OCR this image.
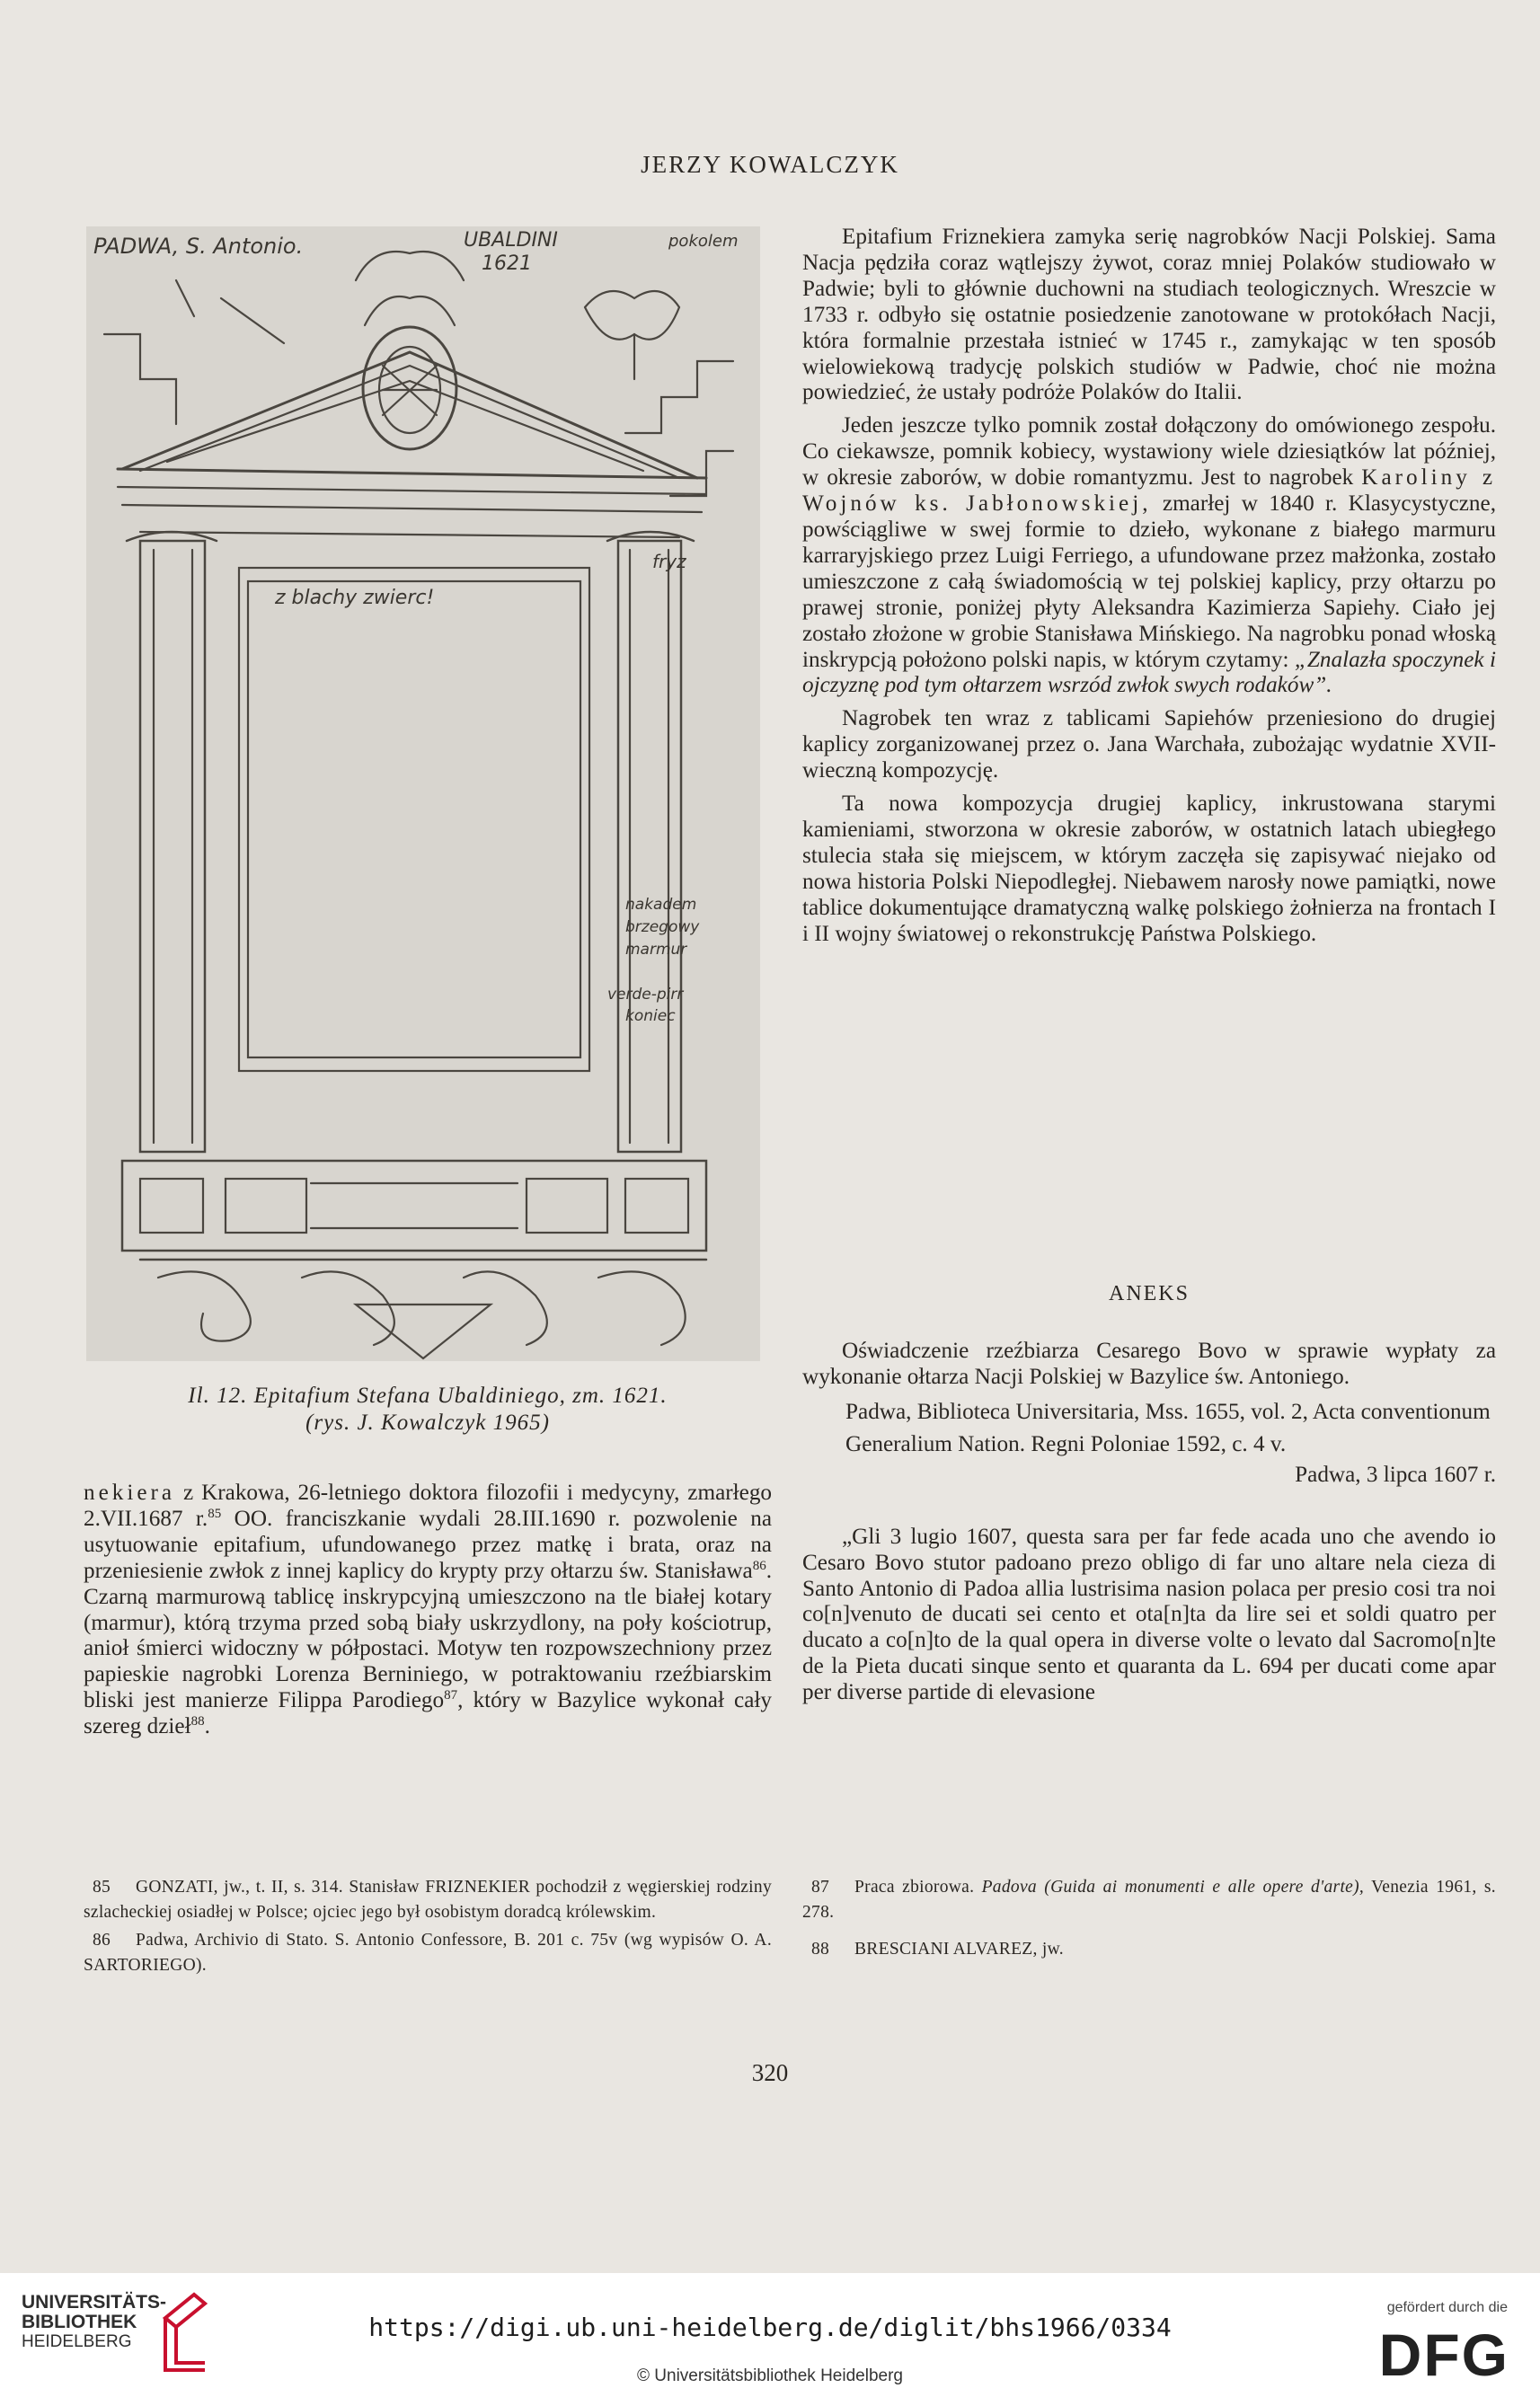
JERZY KOWALCZYK
PADWA, S. Antonio.	UBALDINI
1621
pokolem
z blachy zwierc!
fryz
nakadem
brzegowy
marmur
verde-pirr
koniec
Il. 12. Epitafium Stefana Ubaldiniego, zm. 1621.
(rys. J. Kowalczyk 1965)

Epitafium Friznekiera zamyka serię nagrobków Nacji Polskiej. Sama Nacja pędziła coraz wątlejszy żywot, coraz mniej Polaków studiowało w Padwie; byli to głównie duchowni na studiach teologicznych. Wreszcie w 1733 r. odbyło się ostatnie posiedzenie zanotowane w protokółach Nacji, która formalnie przestała istnieć w 1745 r., zamykając w ten sposób wielowiekową tradycję polskich studiów w Padwie, choć nie można powiedzieć, że ustały podróże Polaków do Italii.

Jeden jeszcze tylko pomnik został dołączony do omówionego zespołu. Co ciekawsze, pomnik kobiecy, wystawiony wiele dziesiątków lat później, w okresie zaborów, w dobie romantyzmu. Jest to nagrobek Karoliny z Wojnów ks. Jabłonowskiej, zmarłej w 1840 r. Klasycystyczne, powściągliwe w swej formie to dzieło, wykonane z białego marmuru karraryjskiego przez Luigi Ferriego, a ufundowane przez małżonka, zostało umieszczone z całą świadomością w tej polskiej kaplicy, przy ołtarzu po prawej stronie, poniżej płyty Aleksandra Kazimierza Sapiehy. Ciało jej zostało złożone w grobie Stanisława Mińskiego. Na nagrobku ponad włoską inskrypcją położono polski napis, w którym czytamy: „Znalazła spoczynek i ojczyznę pod tym ołtarzem wsrzód zwłok swych rodaków”.

Nagrobek ten wraz z tablicami Sapiehów przeniesiono do drugiej kaplicy zorganizowanej przez o. Jana Warchała, zubożając wydatnie XVII-wieczną kompozycję.

Ta nowa kompozycja drugiej kaplicy, inkrustowana starymi kamieniami, stworzona w okresie zaborów, w ostatnich latach ubiegłego stulecia stała się miejscem, w którym zaczęła się zapisywać niejako od nowa historia Polski Niepodległej. Niebawem narosły nowe pamiątki, nowe tablice dokumentujące dramatyczną walkę polskiego żołnierza na frontach I i II wojny światowej o rekonstrukcję Państwa Polskiego.

ANEKS

Oświadczenie rzeźbiarza Cesarego Bovo w sprawie wypłaty za wykonanie ołtarza Nacji Polskiej w Bazylice św. Antoniego.

Padwa, Biblioteca Universitaria, Mss. 1655, vol. 2, Acta conventionum Generalium Nation. Regni Poloniae 1592, c. 4 v.

Padwa, 3 lipca 1607 r.

„Gli 3 lugio 1607, questa sara per far fede acada uno che avendo io Cesaro Bovo stutor padoano prezo obligo di far uno altare nela cieza di Santo Antonio di Padoa allia lustrisima nasion polaca per presio cosi tra noi co[n]venuto de ducati sei cento et ota[n]ta da lire sei et soldi quatro per ducato a co[n]to de la qual opera in diverse volte o levato dal Sacromo[n]te de la Pieta ducati sinque sento et quaranta da L. 694 per ducati come apar per diverse partide di elevasione

nekiera z Krakowa, 26-letniego doktora filozofii i medycyny, zmarłego 2.VII.1687 r.$^{85}$ OO. franciszkanie wydali 28.III.1690 r. pozwolenie na usytuowanie epitafium, ufundowanego przez matkę i brata, oraz na przeniesienie zwłok z innej kaplicy do krypty przy ołtarzu św. Stanisława$^{86}$. Czarną marmurową tablicę inskrypcyjną umieszczono na tle białej kotary (marmur), którą trzyma przed sobą biały uskrzydlony, na poły kościotrup, anioł śmierci widoczny w półpostaci. Motyw ten rozpowszechniony przez papieskie nagrobki Lorenza Berniniego, w potraktowaniu rzeźbiarskim bliski jest manierze Filippa Parodiego$^{87}$, który w Bazylice wykonał cały szereg dzieł$^{88}$.

85 GONZATI, jw., t. II, s. 314. Stanisław FRIZNEKIER pochodził z węgierskiej rodziny szlacheckiej osiadłej w Polsce; ojciec jego był osobistym doradcą królewskim.

86 Padwa, Archivio di Stato. S. Antonio Confessore, B. 201 c. 75v (wg wypisów O. A. SARTORIEGO).

87 Praca zbiorowa. Padova (Guida ai monumenti e alle opere d'arte), Venezia 1961, s. 278.

88 BRESCIANI ALVAREZ, jw.

320
UNIVERSITÄTS-
BIBLIOTHEK
HEIDELBERG	https://digi.ub.uni-heidelberg.de/diglit/bhs1966/0334
© Universitätsbibliothek Heidelberg
gefördert durch die
DFG
